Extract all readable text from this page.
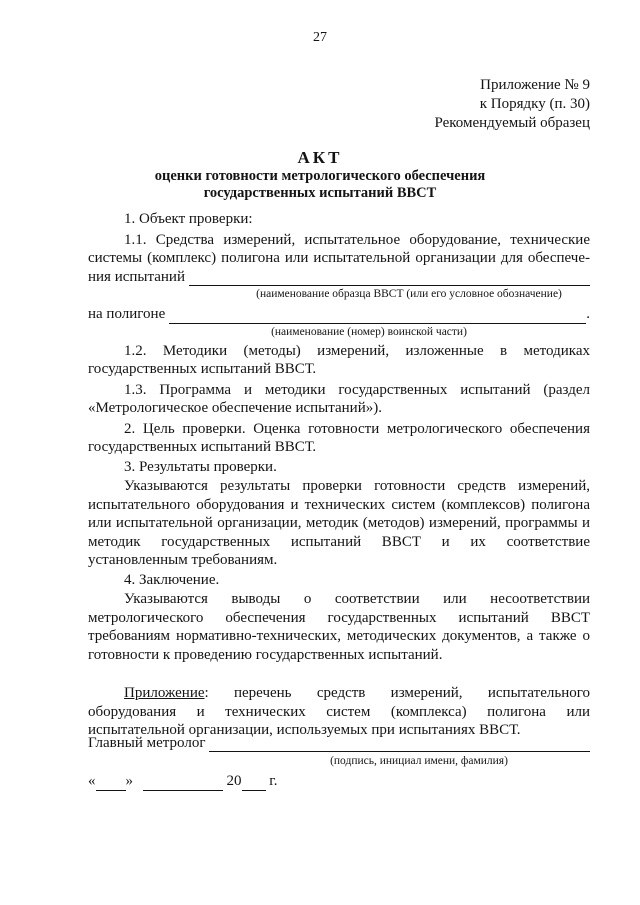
27
Приложение № 9
к Порядку (п. 30)
Рекомендуемый образец
АКТ
оценки готовности метрологического обеспечения
государственных испытаний ВВСТ
1. Объект проверки:
1.1. Средства измерений, испытательное оборудование, технические
системы (комплекс) полигона или испытательной организации для обеспече-
ния испытаний
(наименование образца ВВСТ (или его условное обозначение)
на полигоне	.
(наименование (номер) воинской части)
1.2. Методики (методы) измерений, изложенные в методиках государственных испытаний ВВСТ.
1.3. Программа и методики государственных испытаний (раздел «Метрологическое обеспечение испытаний»).
2. Цель проверки. Оценка готовности метрологического обеспечения государственных испытаний ВВСТ.
3. Результаты проверки.
Указываются результаты проверки готовности средств измерений, испытательного оборудования и технических систем (комплексов) полигона или испытательной организации, методик (методов) измерений, программы и методик государственных испытаний ВВСТ и их соответствие установленным требованиям.
4. Заключение.
Указываются выводы о соответствии или несоответствии метрологического обеспечения государственных испытаний ВВСТ требованиям нормативно-технических, методических документов, а также о готовности к проведению государственных испытаний.
Приложение: перечень средств измерений, испытательного оборудования и технических систем (комплекса) полигона или испытательной организации, используемых при испытаниях ВВСТ.
Главный метролог
(подпись, инициал имени, фамилия)
« »	20 г.
